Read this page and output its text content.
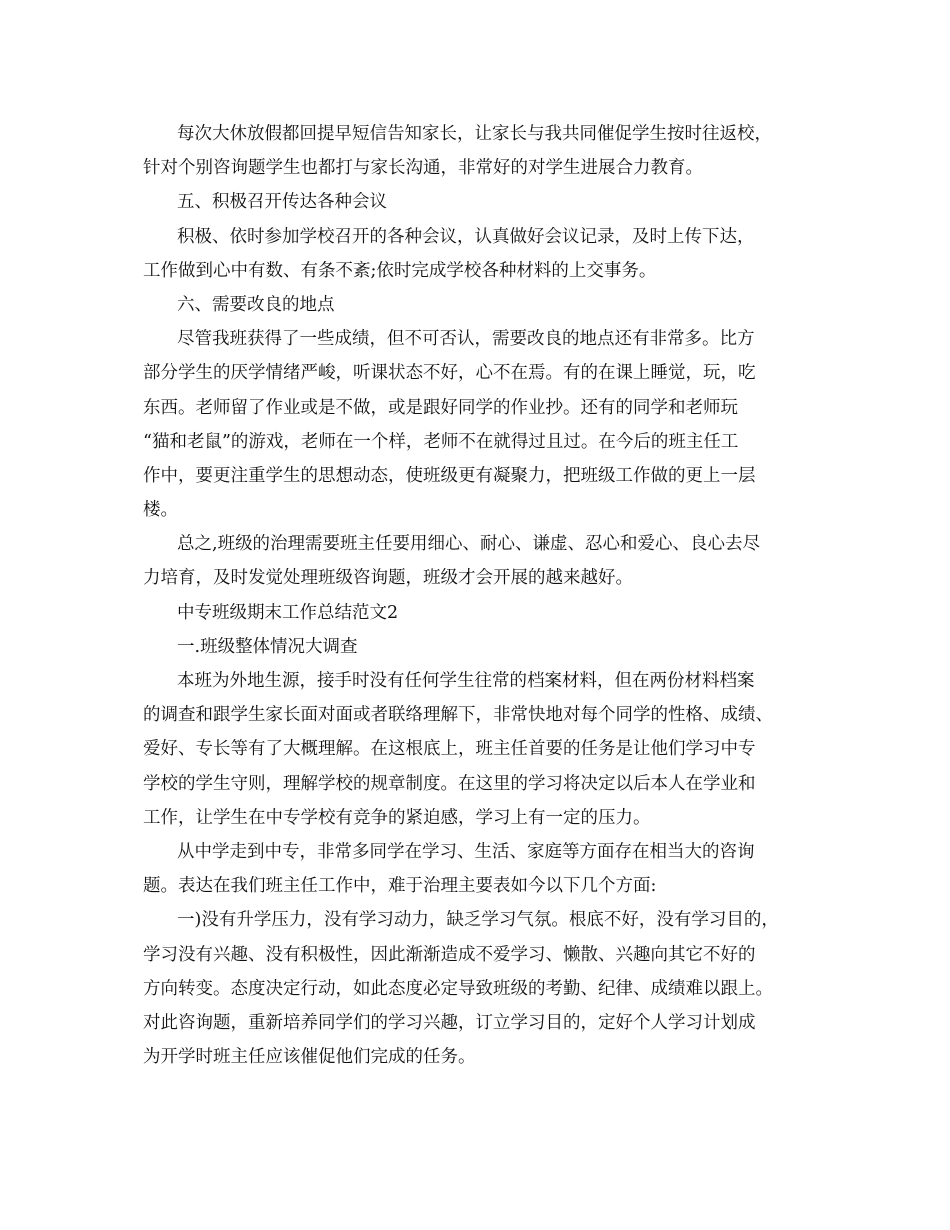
每次大休放假都回提早短信告知家长，让家长与我共同催促学生按时往返校，
针对个别咨询题学生也都打与家长沟通，非常好的对学生进展合力教育。
五、积极召开传达各种会议
积极、依时参加学校召开的各种会议，认真做好会议记录，及时上传下达，
工作做到心中有数、有条不紊;依时完成学校各种材料的上交事务。
六、需要改良的地点
尽管我班获得了一些成绩，但不可否认，需要改良的地点还有非常多。比方
部分学生的厌学情绪严峻，听课状态不好，心不在焉。有的在课上睡觉，玩，吃
东西。老师留了作业或是不做，或是跟好同学的作业抄。还有的同学和老师玩
“猫和老鼠”的游戏，老师在一个样，老师不在就得过且过。在今后的班主任工
作中，要更注重学生的思想动态，使班级更有凝聚力，把班级工作做的更上一层
楼。
总之,班级的治理需要班主任要用细心、耐心、谦虚、忍心和爱心、良心去尽
力培育，及时发觉处理班级咨询题，班级才会开展的越来越好。
中专班级期末工作总结范文2
一.班级整体情况大调查
本班为外地生源，接手时没有任何学生往常的档案材料，但在两份材料档案
的调查和跟学生家长面对面或者联络理解下，非常快地对每个同学的性格、成绩、
爱好、专长等有了大概理解。在这根底上，班主任首要的任务是让他们学习中专
学校的学生守则，理解学校的规章制度。在这里的学习将决定以后本人在学业和
工作，让学生在中专学校有竞争的紧迫感，学习上有一定的压力。
从中学走到中专，非常多同学在学习、生活、家庭等方面存在相当大的咨询
题。表达在我们班主任工作中，难于治理主要表如今以下几个方面:
一)没有升学压力，没有学习动力，缺乏学习气氛。根底不好，没有学习目的，
学习没有兴趣、没有积极性，因此渐渐造成不爱学习、懒散、兴趣向其它不好的
方向转变。态度决定行动，如此态度必定导致班级的考勤、纪律、成绩难以跟上。
对此咨询题，重新培养同学们的学习兴趣，订立学习目的，定好个人学习计划成
为开学时班主任应该催促他们完成的任务。
